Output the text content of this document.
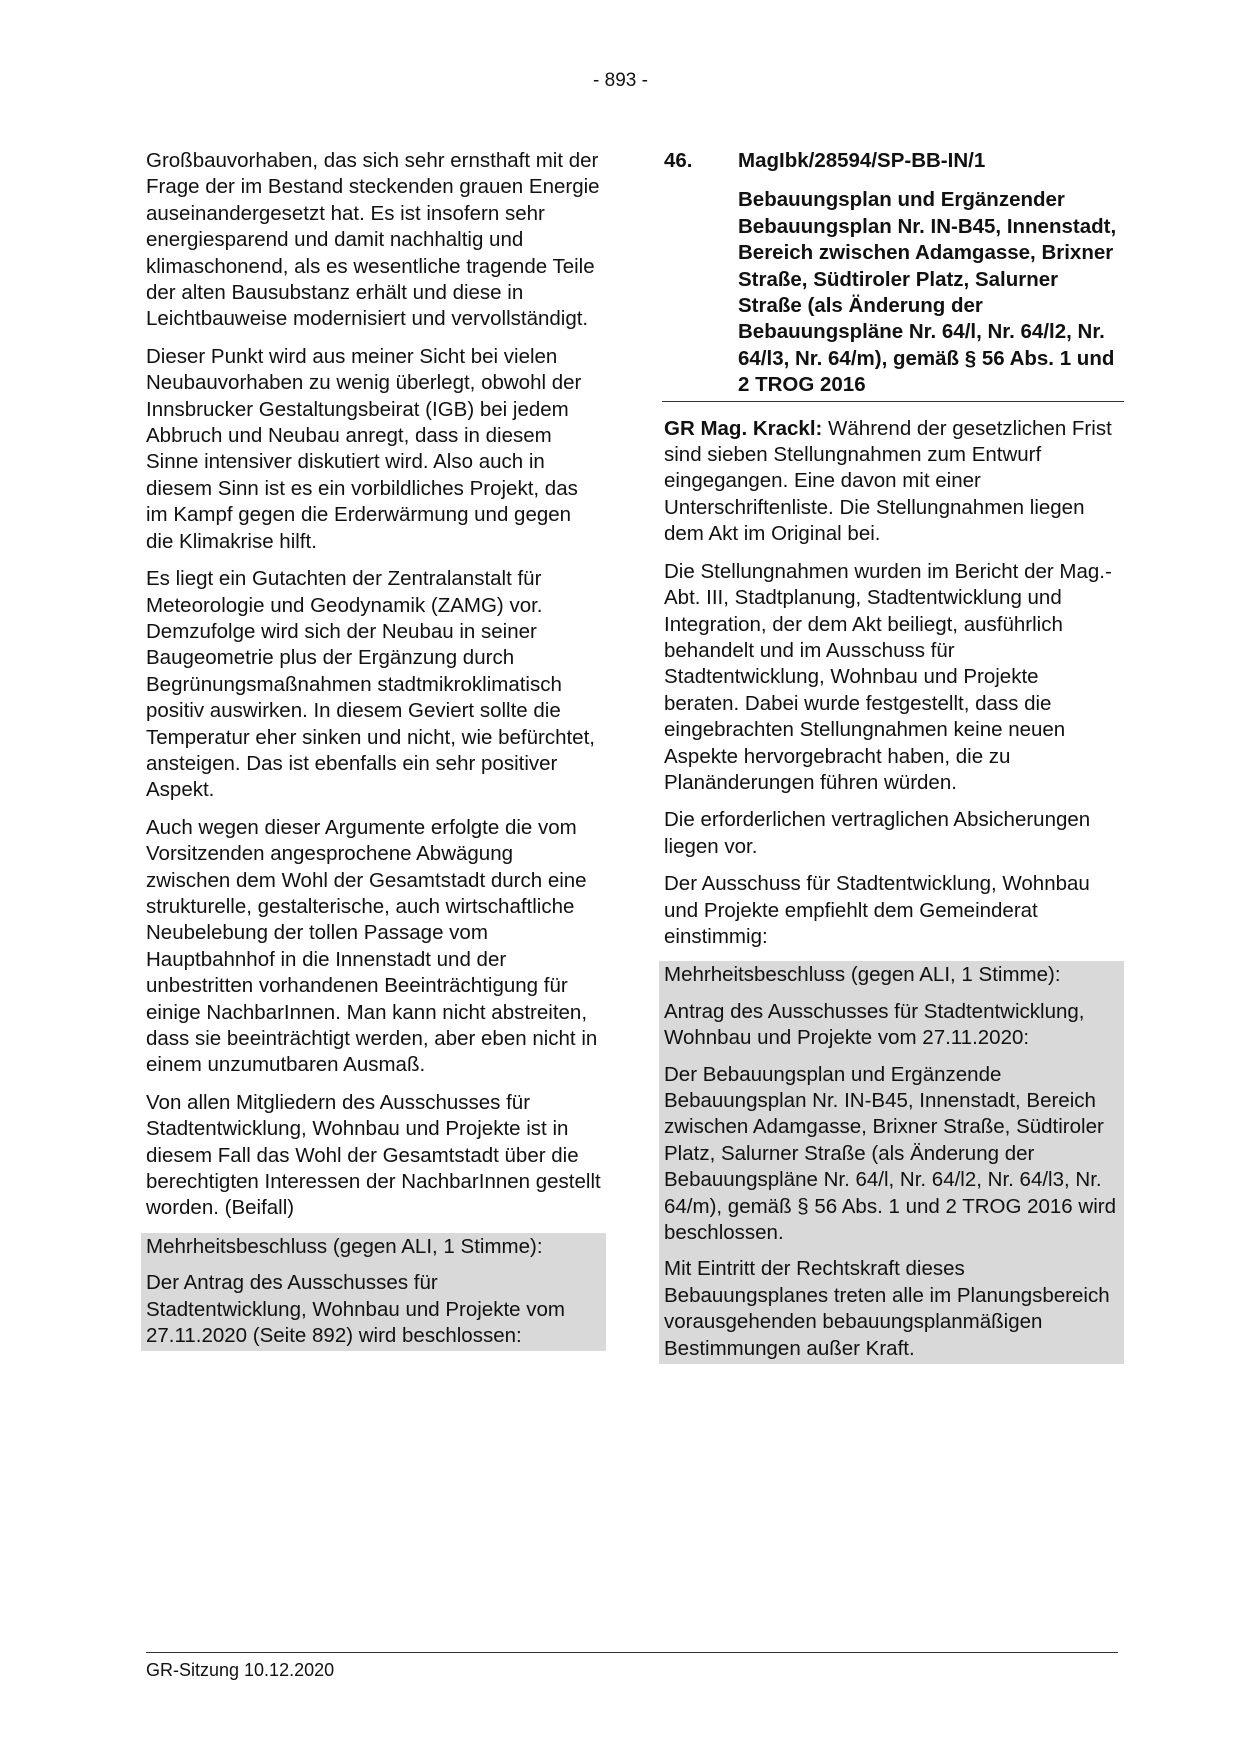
- 893 -

Großbauvorhaben, das sich sehr ernsthaft mit der Frage der im Bestand steckenden grauen Energie auseinandergesetzt hat. Es ist insofern sehr energiesparend und damit nachhaltig und klimaschonend, als es wesentliche tragende Teile der alten Bausubstanz erhält und diese in Leichtbauweise modernisiert und vervollständigt.

Dieser Punkt wird aus meiner Sicht bei vielen Neubauvorhaben zu wenig überlegt, obwohl der Innsbrucker Gestaltungsbeirat (IGB) bei jedem Abbruch und Neubau anregt, dass in diesem Sinne intensiver diskutiert wird. Also auch in diesem Sinn ist es ein vorbildliches Projekt, das im Kampf gegen die Erderwärmung und gegen die Klimakrise hilft.

Es liegt ein Gutachten der Zentralanstalt für Meteorologie und Geodynamik (ZAMG) vor. Demzufolge wird sich der Neubau in seiner Baugeometrie plus der Ergänzung durch Begrünungsmaßnahmen stadtmikroklimatisch positiv auswirken. In diesem Geviert sollte die Temperatur eher sinken und nicht, wie befürchtet, ansteigen. Das ist ebenfalls ein sehr positiver Aspekt.

Auch wegen dieser Argumente erfolgte die vom Vorsitzenden angesprochene Abwägung zwischen dem Wohl der Gesamtstadt durch eine strukturelle, gestalterische, auch wirtschaftliche Neubelebung der tollen Passage vom Hauptbahnhof in die Innenstadt und der unbestritten vorhandenen Beeinträchtigung für einige NachbarInnen. Man kann nicht abstreiten, dass sie beeinträchtigt werden, aber eben nicht in einem unzumutbaren Ausmaß.

Von allen Mitgliedern des Ausschusses für Stadtentwicklung, Wohnbau und Projekte ist in diesem Fall das Wohl der Gesamtstadt über die berechtigten Interessen der NachbarInnen gestellt worden. (Beifall)

Mehrheitsbeschluss (gegen ALI, 1 Stimme):

Der Antrag des Ausschusses für Stadtentwicklung, Wohnbau und Projekte vom 27.11.2020 (Seite 892) wird beschlossen:

46.	MagIbk/28594/SP-BB-IN/1
Bebauungsplan und Ergänzender Bebauungsplan Nr. IN-B45, Innenstadt, Bereich zwischen Adamgasse, Brixner Straße, Südtiroler Platz, Salurner Straße (als Änderung der Bebauungspläne Nr. 64/l, Nr. 64/l2, Nr. 64/l3, Nr. 64/m), gemäß § 56 Abs. 1 und 2 TROG 2016

GR Mag. Krackl: Während der gesetzlichen Frist sind sieben Stellungnahmen zum Entwurf eingegangen. Eine davon mit einer Unterschriftenliste. Die Stellungnahmen liegen dem Akt im Original bei.

Die Stellungnahmen wurden im Bericht der Mag.-Abt. III, Stadtplanung, Stadtentwicklung und Integration, der dem Akt beiliegt, ausführlich behandelt und im Ausschuss für Stadtentwicklung, Wohnbau und Projekte beraten. Dabei wurde festgestellt, dass die eingebrachten Stellungnahmen keine neuen Aspekte hervorgebracht haben, die zu Planänderungen führen würden.

Die erforderlichen vertraglichen Absicherungen liegen vor.

Der Ausschuss für Stadtentwicklung, Wohnbau und Projekte empfiehlt dem Gemeinderat einstimmig:

Mehrheitsbeschluss (gegen ALI, 1 Stimme):

Antrag des Ausschusses für Stadtentwicklung, Wohnbau und Projekte vom 27.11.2020:

Der Bebauungsplan und Ergänzende Bebauungsplan Nr. IN-B45, Innenstadt, Bereich zwischen Adamgasse, Brixner Straße, Südtiroler Platz, Salurner Straße (als Änderung der Bebauungspläne Nr. 64/l, Nr. 64/l2, Nr. 64/l3, Nr. 64/m), gemäß § 56 Abs. 1 und 2 TROG 2016 wird beschlossen.

Mit Eintritt der Rechtskraft dieses Bebauungsplanes treten alle im Planungsbereich vorausgehenden bebauungsplanmäßigen Bestimmungen außer Kraft.

GR-Sitzung 10.12.2020
